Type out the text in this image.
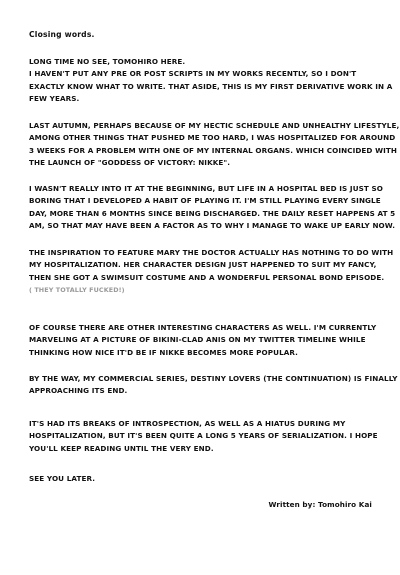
Closing words.
LONG TIME NO SEE, TOMOHIRO HERE.
I HAVEN'T PUT ANY PRE OR POST SCRIPTS IN MY WORKS RECENTLY, SO I DON'T
EXACTLY KNOW WHAT TO WRITE. THAT ASIDE, THIS IS MY FIRST DERIVATIVE WORK IN A
FEW YEARS.
LAST AUTUMN, PERHAPS BECAUSE OF MY HECTIC SCHEDULE AND UNHEALTHY LIFESTYLE,
AMONG OTHER THINGS THAT PUSHED ME TOO HARD, I WAS HOSPITALIZED FOR AROUND
3 WEEKS FOR A PROBLEM WITH ONE OF MY INTERNAL ORGANS. WHICH COINCIDED WITH
THE LAUNCH OF "GODDESS OF VICTORY: NIKKE".
I WASN'T REALLY INTO IT AT THE BEGINNING, BUT LIFE IN A HOSPITAL BED IS JUST SO
BORING THAT I DEVELOPED A HABIT OF PLAYING IT. I'M STILL PLAYING EVERY SINGLE
DAY, MORE THAN 6 MONTHS SINCE BEING DISCHARGED. THE DAILY RESET HAPPENS AT 5
AM, SO THAT MAY HAVE BEEN A FACTOR AS TO WHY I MANAGE TO WAKE UP EARLY NOW.
THE INSPIRATION TO FEATURE MARY THE DOCTOR ACTUALLY HAS NOTHING TO DO WITH
MY HOSPITALIZATION. HER CHARACTER DESIGN JUST HAPPENED TO SUIT MY FANCY,
THEN SHE GOT A SWIMSUIT COSTUME AND A WONDERFUL PERSONAL BOND EPISODE.
( THEY TOTALLY FUCKED!)
OF COURSE THERE ARE OTHER INTERESTING CHARACTERS AS WELL. I'M CURRENTLY
MARVELING AT A PICTURE OF BIKINI-CLAD ANIS ON MY TWITTER TIMELINE WHILE
THINKING HOW NICE IT'D BE IF NIKKE BECOMES MORE POPULAR.
BY THE WAY, MY COMMERCIAL SERIES, DESTINY LOVERS (THE CONTINUATION) IS FINALLY
APPROACHING ITS END.
IT'S HAD ITS BREAKS OF INTROSPECTION, AS WELL AS A HIATUS DURING MY
HOSPITALIZATION, BUT IT'S BEEN QUITE A LONG 5 YEARS OF SERIALIZATION. I HOPE
YOU'LL KEEP READING UNTIL THE VERY END.
SEE YOU LATER.
Written by: Tomohiro Kai
